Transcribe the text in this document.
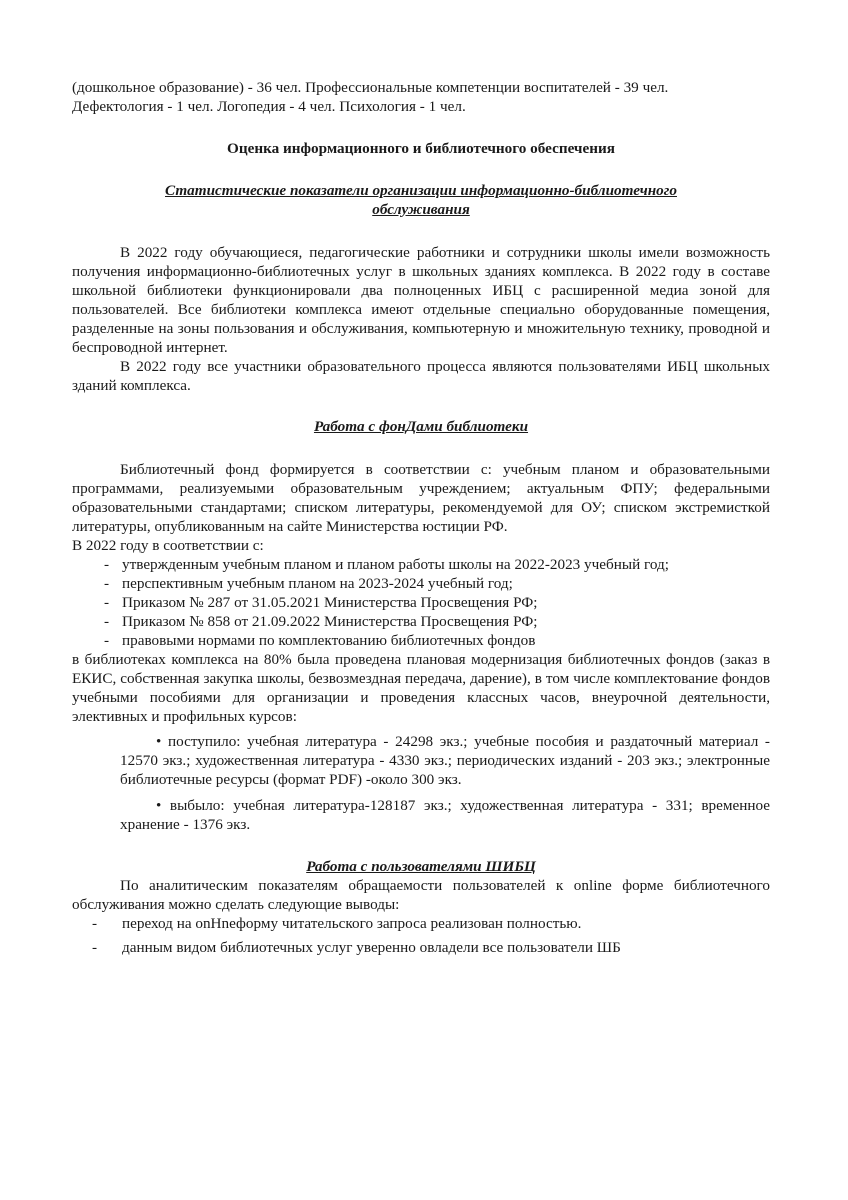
(дошкольное образование) - 36 чел. Профессиональные компетенции воспитателей - 39 чел.

Дефектология - 1 чел. Логопедия - 4 чел. Психология - 1 чел.

Оценка информационного и библиотечного обеспечения

Статистические показатели организации информационно-библиотечного обслуживания

В 2022 году обучающиеся, педагогические работники и сотрудники школы имели возможность получения информационно-библиотечных услуг в школьных зданиях комплекса. В 2022 году в составе школьной библиотеки функционировали два полноценных ИБЦ с расширенной медиа зоной для пользователей. Все библиотеки комплекса имеют отдельные специально оборудованные помещения, разделенные на зоны пользования и обслуживания, компьютерную и множительную технику, проводной и беспроводной интернет.

В 2022 году все участники образовательного процесса являются пользователями ИБЦ школьных зданий комплекса.

Работа с фонДами библиотеки

Библиотечный фонд формируется в соответствии с: учебным планом и образовательными программами, реализуемыми образовательным учреждением; актуальным ФПУ; федеральными образовательными стандартами; списком литературы, рекомендуемой для ОУ; списком экстремисткой литературы, опубликованным на сайте Министерства юстиции РФ.

В 2022 году в соответствии с:

- утвержденным учебным планом и планом работы школы на 2022-2023 учебный год;
- перспективным учебным планом на 2023-2024 учебный год;
- Приказом № 287 от 31.05.2021 Министерства Просвещения РФ;
- Приказом № 858 от 21.09.2022 Министерства Просвещения РФ;
- правовыми нормами по комплектованию библиотечных фондов

в библиотеках комплекса на 80% была проведена плановая модернизация библиотечных фондов (заказ в ЕКИС, собственная закупка школы, безвозмездная передача, дарение), в том числе комплектование фондов учебными пособиями для организации и проведения классных часов, внеурочной деятельности, элективных и профильных курсов:

• поступило: учебная литература - 24298 экз.; учебные пособия и раздаточный материал - 12570 экз.; художественная литература - 4330 экз.; периодических изданий - 203 экз.; электронные библиотечные ресурсы (формат PDF) -около 300 экз.

• выбыло: учебная литература-128187 экз.; художественная литература - 331; временное хранение - 1376 экз.

Работа с пользователями ШИБЦ

По аналитическим показателям обращаемости пользователей к online форме библиотечного обслуживания можно сделать следующие выводы:

- переход на onHnеформу читательского запроса реализован полностью.
- данным видом библиотечных услуг уверенно овладели все пользователи ШБ
